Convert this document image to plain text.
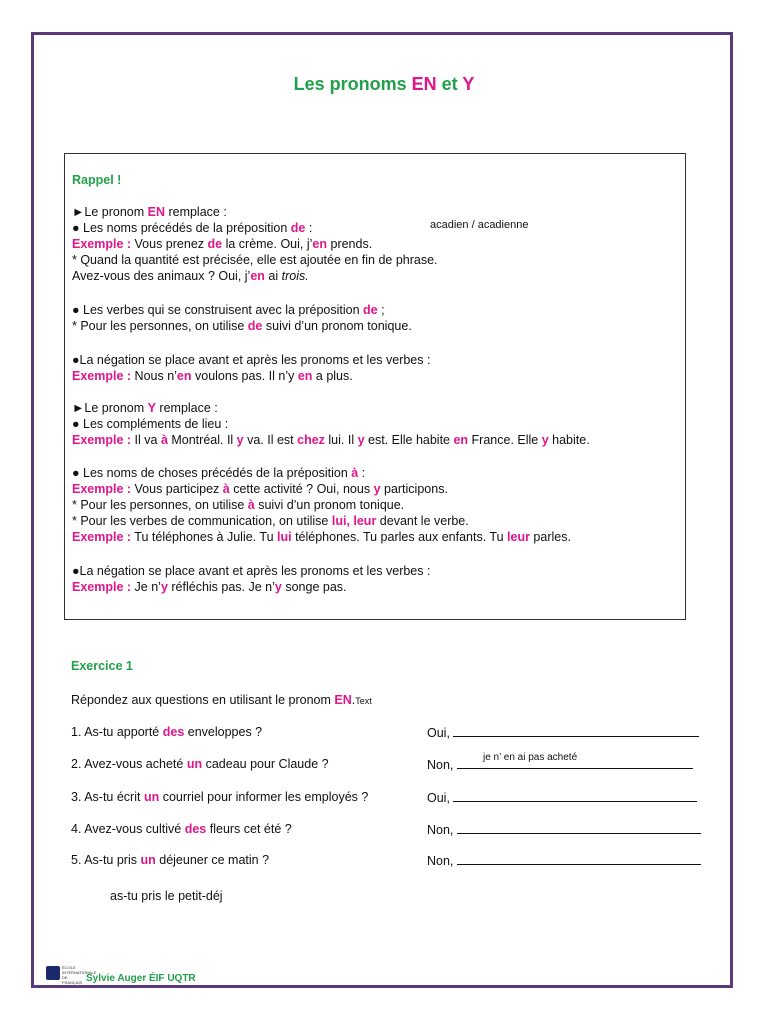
Les pronoms EN et Y
Rappel !
►Le pronom EN remplace :
● Les noms précédés de la préposition de :	acadien / acadienne
Exemple : Vous prenez de la crème. Oui, j’en prends.
* Quand la quantité est précisée, elle est ajoutée en fin de phrase.
Avez-vous des animaux ? Oui, j’en ai trois.
● Les verbes qui se construisent avec la préposition de ;
* Pour les personnes, on utilise de suivi d’un pronom tonique.
●La négation se place avant et après les pronoms et les verbes :
Exemple : Nous n’en voulons pas. Il n’y en a plus.
►Le pronom Y remplace :
● Les compléments de lieu :
Exemple : Il va à Montréal. Il y va. Il est chez lui. Il y est. Elle habite en France. Elle y habite.
● Les noms de choses précédés de la préposition à :
Exemple : Vous participez à cette activité ? Oui, nous y participons.
* Pour les personnes, on utilise à suivi d’un pronom tonique.
* Pour les verbes de communication, on utilise lui, leur devant le verbe.
Exemple : Tu téléphones à Julie. Tu lui téléphones. Tu parles aux enfants. Tu leur parles.
●La négation se place avant et après les pronoms et les verbes :
Exemple : Je n’y réfléchis pas. Je n’y songe pas.
Exercice 1
Répondez aux questions en utilisant le pronom EN.Text
1. As-tu apporté des enveloppes ?	Oui,
2. Avez-vous acheté un cadeau pour Claude ?	Non,
je n’ en ai pas acheté
3. As-tu écrit un courriel pour informer les employés ?	Oui,
4. Avez-vous cultivé des fleurs cet été ?	Non,
5. As-tu pris un déjeuner ce matin ?	Non,
as-tu pris le petit-déj
ÉCOLE INTERNATIONALE DE FRANÇAIS Sylvie Auger ÉIF UQTR
